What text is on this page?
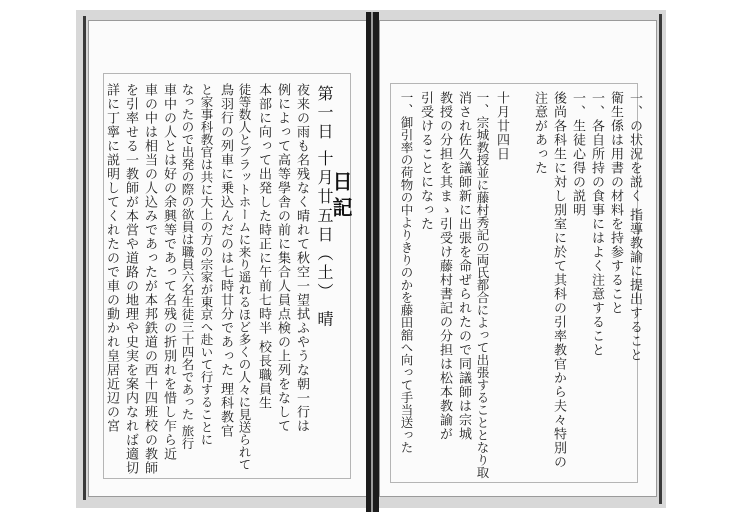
日記
第一日 十月廿五日（土） 晴
夜来の雨も名残なく晴れて秋空一望拭ふやうな朝一行は
例によって高等學舎の前に集合人員点検の上列をなして
本部に向って出発した時正に午前七時半 校長職員生
徒等数人とブラットホームに来り遥れるほど多くの人々に見送られて
鳥羽行の列車に乗込んだのは七時廿分であった 理科教官
と家事科教官は共に大上の方の宗家が東京へ赴いて行することに
なったので出発の際の欲員は職員六名生徒三十四名であった 旅行
車中の人とは好の余興等であって名残の折別れを惜し乍ら近
車の中は相当の人込みであったが本邦鉄道の西十四班校の教師
を引率せる一教師が本営や道路の地理や史実を案内なれば適切
詳に丁寧に説明してくれたので車の動かれ皇居近辺の宮	一、の状況を説く 指導教諭に提出すること
衛生係は用書の材料を持参すること
一、各自所持の食事にはよく注意すること
一、生徒心得の説明
後尚各科生に対し別室に於て其科の引率教官から夫々特別の
注意があった
十月廿四日
一、宗城教授並に藤村秀記の両氏都合によって出張することとなり取
消され佐久議師新に出張を命ぜられたので同議師は宗城
教授の分担を其まゝ引受け藤村書記の分担は松本教諭が
引受けることになった
一、御引率の荷物の中よりきりのかを藤田舘へ向って手当送った
